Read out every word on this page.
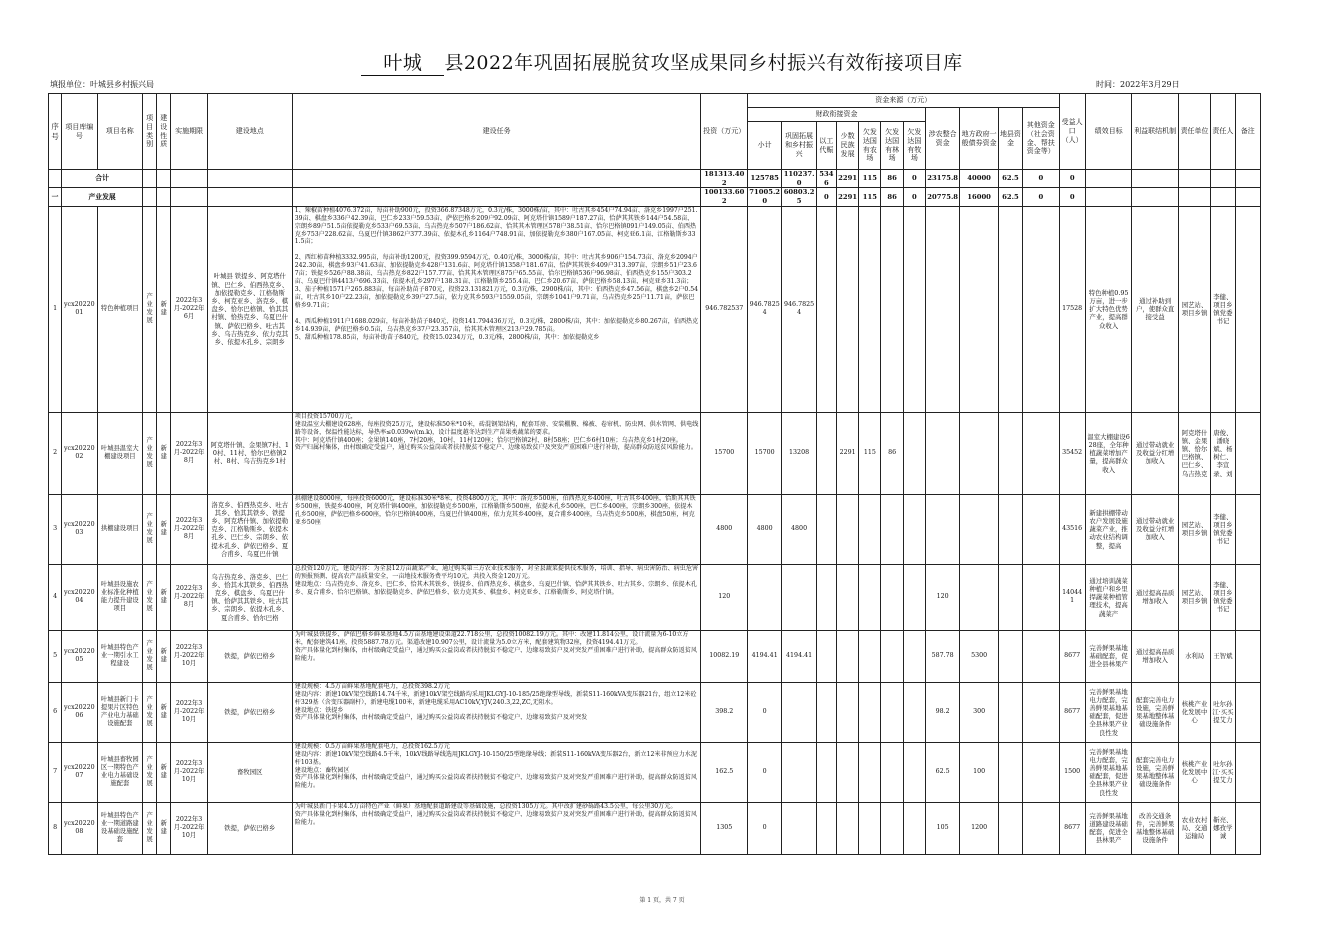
叶城 县2022年巩固拓展脱贫攻坚成果同乡村振兴有效衔接项目库
填报单位：叶城县乡村振兴局	时间：2022年3月29日
序号	项目库编号	项目名称	项目类别	建设性质	实施期限	建设地点	建设任务	投资（万元）	资金来源（万元）											受益人口（人）	绩效目标	利益联结机制	责任单位	责任人	备注
									财政衔接资金							涉农整合资金	地方政府一般债券资金	地县资金	其他资金（社会资金、帮扶资金等）						
									小计	巩固拓展和乡村振兴	以工代赈	少数民族发展	欠发达国有农场	欠发达国有林场	欠发达国有牧场										
	合计							181313.402	125785	110237.0	5346	2291	115	86	0	23175.8	40000	62.5	0	0					
一	产业发展							100133.602	71005.20	60803.25	0	2291	115	86	0	20775.8	16000	62.5	0	0					
1	ycx2022001	特色种植项目	产业发展	新建	2022年3月-2022年6月	叶城县 铁提乡、阿克塔什镇、巴仁乡、伯西热克乡、加依提勒克乡、江格勒斯乡、柯克亚乡、洛克乡、棋盘乡、恰尔巴格镇、恰其其村镇、恰热克乡、乌夏巴什镇、萨依巴格乡、吐古其乡、乌吉热克乡、依力克其乡、依提木孔乡、宗朗乡	1、辣椒苗种植4076.372亩，每亩补助900元，投资366.87348万元，0.3元/株，3000株/亩，其中：吐古其乡454户74.94亩、洛克乡1997户251.39亩、棋盘乡336户42.39亩、巴仁乡233户59.53亩、萨依巴格乡209户92.09亩、阿克塔什镇1589户187.27亩、恰萨其其铁乡144户54.58亩、宗朗乡89户51.5亩依提勒克乡533户69.53亩、乌吉热克乡507户186.62亩、恰其其木管理区578户38.51亩、恰尔巴格镇091户149.05亩、伯西热克乡753户228.62亩、乌夏巴什镇3862户377.39亩、依提木孔乡1164户748.91亩、加依提勒克乡380户167.05亩、柯克亚6.1亩、江格勒斯乡331.5亩；

2、西红柿苗种植3332.995亩，每亩补助1200元，投资399.9594万元，0.40元/株，3000株/亩，其中：吐古其乡906户154.73亩、洛克乡2094户242.30亩、棋盘乡93户41.63亩、加依提勒克乡428户131.6亩、阿克塔什镇1358户181.67亩、恰萨其其铁乡409户313.397亩、宗朗乡51户23.67亩；铁提乡526户88.38亩、乌吉热克乡822户157.77亩、恰其其木管理区875户65.55亩、恰尔巴格镇536户96.98亩、伯西热克乡155户303.2亩、乌夏巴什镇4413户696.33亩、依提木孔乡297户138.31亩、江格勒斯乡255.4亩、巴仁乡20.67亩、萨依巴格乡58.13亩、柯克亚乡31.3亩；
3、茄子种植1571户265.883亩，每亩补助苗子870元，投资23.131821万元，0.3元/株，2900株/亩，其中：伯西热克乡47.56亩，棋盘乡2户0.54亩，吐古其乡10户22.23亩，加依提勒克乡39户27.5亩，依力克其乡593户1559.05亩，宗朗乡1041户9.71亩，乌吉热克乡25户11.71亩，萨依巴格乡9.71亩；

4、西瓜种植1911户1688.029亩，每亩补助苗子840元，投资141.794436万元，0.3元/株，2800株/亩，其中：加依提勒克乡80.267亩，伯西热克乡14.939亩，萨依巴格乡0.5亩，乌吉热克乡37户23.357亩，恰其其木管理区213户29.785亩。
5、甜瓜种植178.85亩，每亩补助苗子840元，投资15.0234万元，0.3元/株，2800株/亩，其中：加依提勒克乡	946.782537	946.78254	946.78254										17528	特色种植0.95万亩，进一步扩大特色优势产业，提高群众收入	通过补助到户，使群众直接受益	园艺站、项目乡镇	李健、项目乡镇党委书记	
2	ycx2022002	叶城县温室大棚建设项目	产业发展	新建	2022年3月-2022年8月	阿克塔什镇、金果镇7村、10村、11村、恰尔巴格镇2村、8村、乌吉热克乡1村	项目投资15700万元，
建设温室大棚建设628座，每座投资25万元，建设标准50米*10米，砖混钢架结构，配套耳房、安装棚膜、棉被、卷帘机、防虫网、供水管网、供电线路等设备，保温性能达标，导热率≤0.039w/(m.k)，设计温度越冬达到生产苗果类蔬菜的要求。
其中：阿克塔什镇400座；金果镇140座，7村20座、10村、11村120座；恰尔巴格镇2村、8村58座；巴仁乡6村10座；乌吉热克乡1村20座。
资产归属村集体，由村级确定受益户，通过购买公益岗或者扶持脱贫不稳定户、边缘易致贫户及突发严重困难户进行补助，提高群众防返贫风险能力。	15700	15700	13208		2291	115	86						35452	温室大棚建设628座，全年种植蔬菜增加产量，提高群众收入	通过带动就业及收益分红增加收入	阿克塔什镇、金果镇、恰尔巴格镇、巴仁乡、乌吉热克	唐俊、潘晓斌、杨树仁、李宣录、刘	
3	ycx2022003	拱棚建设项目	产业发展	新建	2022年3月-2022年8月	洛克乡、伯西热克乡、吐古其乡、恰其其铁乡、铁提乡、阿克塔什镇、加依提勒克乡、江格勒斯乡、依提木孔乡、巴仁乡、宗朗乡、依提木孔乡、萨依巴格乡、夏合甫乡、乌夏巴什镇	拱棚建设8000座，每座投资6000元，建设标准30米*8米，投资4800万元，其中：洛克乡500座，伯西热克乡400座，吐古其乡400座，恰斯其其铁乡500座，铁提乡400座，阿克塔什镇400座，加依提勒克乡500座，江格勒斯乡500座，依提木孔乡500座，巴仁乡400座，宗朗乡300座，依提木孔乡500座，萨依巴格乡600座，恰尔巴格镇400座，乌夏巴什镇400座，依力克其乡400座，夏合甫乡400座，乌吉热克乡500座，棋盘50座，柯克亚乡50座	4800	4800	4800										43516	新建拱棚带动农户发展设施蔬菜产业，推动农业结构调整，提高	通过带动就业及收益分红增加收入	园艺站、项目乡镇	李健、项目乡镇党委书记	
4	ycx2022004	叶城县设施农业标准化种植能力提升建设项目	产业发展	新建	2022年3月-2022年8月	乌吉热克乡、洛克乡、巴仁乡、恰其木其铁乡、伯西热克乡、棋盘乡、乌夏巴什镇、恰萨其其铁乡、吐古其乡、宗朗乡、依提木孔乡、夏合甫乡、恰尔巴格	总投资120万元，建设内容：为全县12万亩蔬菜产业，通过购买第三方农业技术服务，对全县蔬菜提供技术服务，培训、指导、病虫害防治、病虫危害的预报预测、提高农产品质量安全，一亩地技术服务费平均10元，共投入资金120万元。
建设地点：乌吉热克乡、洛克乡、巴仁乡、恰其木其铁乡、铁提乡、伯西热克乡、棋盘乡、乌夏巴什镇、恰萨其其铁乡、吐古其乡、宗朗乡、依提木孔乡、夏合甫乡、恰尔巴格镇、加依提勒克乡、萨依巴格乡、依力克其乡、棋盘乡、柯克亚乡、江格勒斯乡、阿克塔什镇。	120								120				140441	通过培训蔬菜种植户和乡里捍蔬菜种植管理技术，提高蔬菜产	通过提高品质增加收入	园艺站、项目乡镇	李健、项目乡镇党委书记	
5	ycx2022005	叶城县特色产业一期引水工程建设	产业发展	新建	2022年3月-2022年10月	铁提，萨依巴格乡	为叶城县铁提乡、萨依巴格乡鲜果基地4.5万亩基地建设渠道22.718公里，总投资10082.19万元。其中：改建11.814公里，设计流量为6-10立方米，配套建筑41座，投资5887.78万元。渠道改建10.907公里，设计流量为5.0立方米，配套建筑物32座，投资4194.41万元。
资产具体量化到村集体，由村级确定受益户，通过购买公益岗或者扶持脱贫不稳定户、边缘易致贫户及对突发严重困难户进行补助，提高群众防返贫风险能力。	10082.19	4194.41	4194.41						587.78	5300			8677	完善鲜果基地基础配套，促进全县林果产	通过提高品质增加收入	水利局	王智斌	
6	ycx2022006	叶城县新门卡提果片区特色产业电力基础设施配套	产业发展	新建	2022年3月-2022年10月	铁提，萨依巴格乡	建设规模：4.5万亩鲜果基地配套电力，总投资398.2万元
建设内容：新建10kV架空线路14.74千米，新建10kV架空线路均采用JKLGYJ-10-185/25绝缘型导线，新装S11-160kVA变压器21台，组立12米砼杆329基（含变压器副杆），新建电缆100米，新建电缆采用AC10kV,YJV,240.3,22,ZC,无阻水。
建设地点：铁提乡
资产具体量化到村集体，由村级确定受益户，通过购买公益岗或者扶持脱贫不稳定户、边缘易致贫户及对突发	398.2	0							98.2	300			8677	完善鲜果基地电力配套，完善鲜果基地基础配套，促进全县林果产业良性发	配套完善电力设施，完善鲜果基地整体基础设施条件	核桃产业化发展中心	吐尔孙江·买买提艾力	
7	ycx2022007	叶城县畜牧园区一期特色产业电力基础设施配套	产业发展	新建	2022年3月-2022年10月	畜牧园区	建设规模：0.5万亩鲜果基地配套电力，总投资162.5万元
建设内容：新建10kV架空线路4.5千米，10kV线路导线选用JKLGYJ-10-150/25型绝缘导线；新装S11-160kVA变压器2台，新立12米非预应力水泥杆103基。
建设地点：畜牧园区
资产具体量化到村集体，由村级确定受益户，通过购买公益岗或者扶持脱贫不稳定户、边缘易致贫户及对突发严重困难户进行补助，提高群众防返贫风险能力。	162.5	0							62.5	100			1500	完善鲜果基地电力配套，完善鲜果基地基础配套，促进全县林果产业良性发	配套完善电力设施，完善鲜果基地整体基础设施条件	核桃产业化发展中心	吐尔孙江·买买提艾力	
8	ycx2022008	叶城县特色产业一期道路建设基础设施配套	产业发展	新建	2022年3月-2022年10月	铁提，萨依巴格乡	为叶城县新门卡果4.5万亩特色产业（鲜果）基地配套道路建设等基础设施，总投资1305万元。其中改扩建砂砾路43.5公里，每公里30万元。
资产具体量化到村集体，由村级确定受益户，通过购买公益岗或者扶持脱贫不稳定户、边缘易致贫户及对突发严重困难户进行补助，提高群众防返贫风险能力。	1305	0							105	1200			8677	完善鲜果基地道路建设基础配套，促进全县林果产	改善交通条件，完善鲜果基地整体基础设施条件	农业农村局、交通运输局	靳亮、娜孜学诚	
第 1 页，共 7 页
